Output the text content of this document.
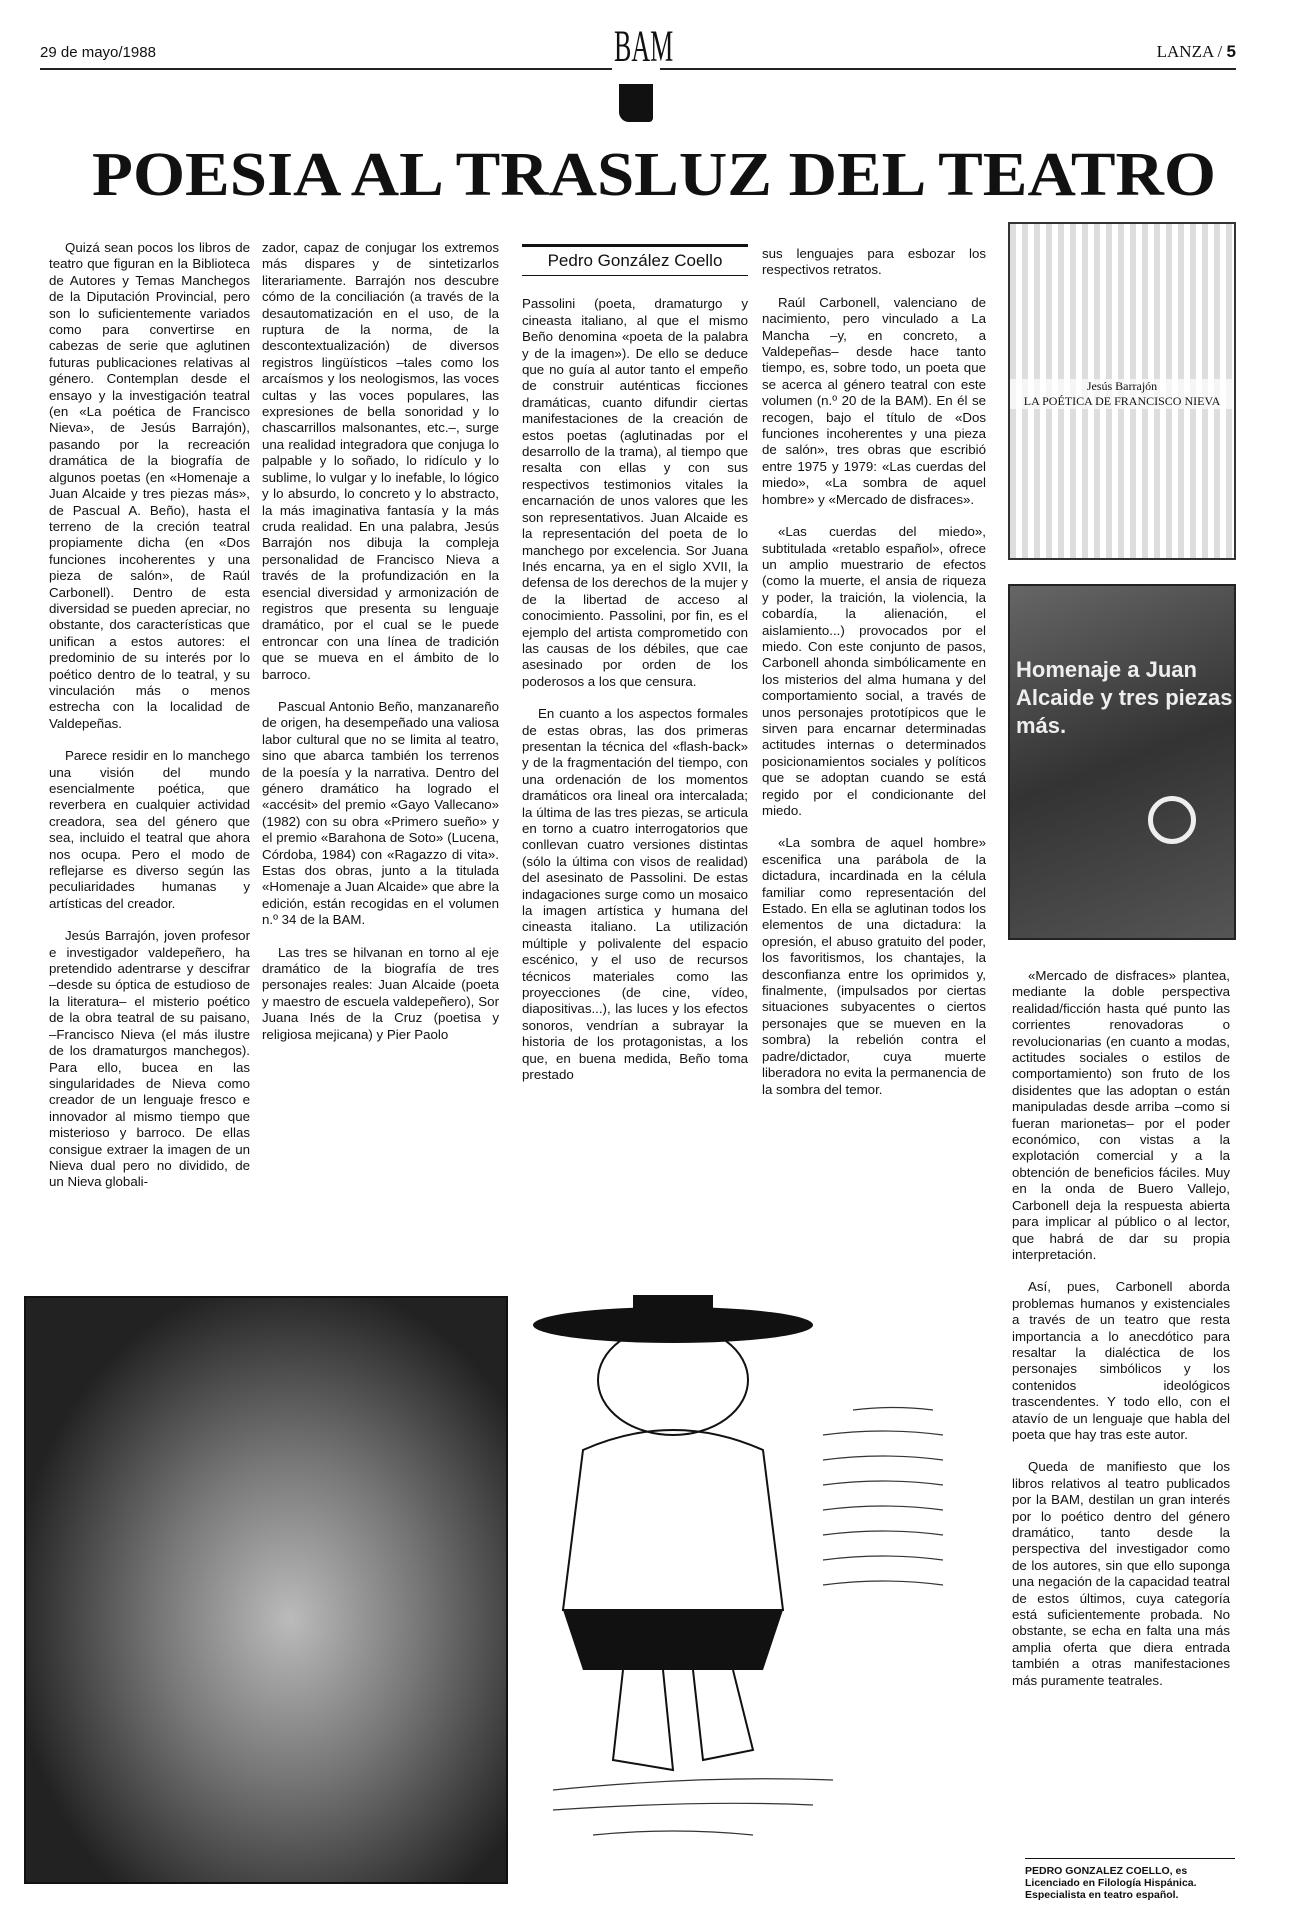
29 de mayo/1988	BAM	LANZA / 5
POESIA AL TRASLUZ DEL TEATRO

Quizá sean pocos los libros de teatro que figuran en la Biblioteca de Autores y Temas Manchegos de la Diputación Provincial, pero son lo suficientemente variados como para convertirse en cabezas de serie que aglutinen futuras publicaciones relativas al género. Contemplan desde el ensayo y la investigación teatral (en «La poética de Francisco Nieva», de Jesús Barrajón), pasando por la recreación dramática de la biografía de algunos poetas (en «Homenaje a Juan Alcaide y tres piezas más», de Pascual A. Beño), hasta el terreno de la creción teatral propiamente dicha (en «Dos funciones incoherentes y una pieza de salón», de Raúl Carbonell). Dentro de esta diversidad se pueden apreciar, no obstante, dos características que unifican a estos autores: el predominio de su interés por lo poético dentro de lo teatral, y su vinculación más o menos estrecha con la localidad de Valdepeñas.

Parece residir en lo manchego una visión del mundo esencialmente poética, que reverbera en cualquier actividad creadora, sea del género que sea, incluido el teatral que ahora nos ocupa. Pero el modo de reflejarse es diverso según las peculiaridades humanas y artísticas del creador.

Jesús Barrajón, joven profesor e investigador valdepeñero, ha pretendido adentrarse y descifrar –desde su óptica de estudioso de la literatura– el misterio poético de la obra teatral de su paisano, –Francisco Nieva (el más ilustre de los dramaturgos manchegos). Para ello, bucea en las singularidades de Nieva como creador de un lenguaje fresco e innovador al mismo tiempo que misterioso y barroco. De ellas consigue extraer la imagen de un Nieva dual pero no dividido, de un Nieva globali-

zador, capaz de conjugar los extremos más dispares y de sintetizarlos literariamente. Barrajón nos descubre cómo de la conciliación (a través de la desautomatización en el uso, de la ruptura de la norma, de la descontextualización) de diversos registros lingüísticos –tales como los arcaísmos y los neologismos, las voces cultas y las voces populares, las expresiones de bella sonoridad y lo chascarrillos malsonantes, etc.–, surge una realidad integradora que conjuga lo palpable y lo soñado, lo ridículo y lo sublime, lo vulgar y lo inefable, lo lógico y lo absurdo, lo concreto y lo abstracto, la más imaginativa fantasía y la más cruda realidad. En una palabra, Jesús Barrajón nos dibuja la compleja personalidad de Francisco Nieva a través de la profundización en la esencial diversidad y armonización de registros que presenta su lenguaje dramático, por el cual se le puede entroncar con una línea de tradición que se mueva en el ámbito de lo barroco.

Pascual Antonio Beño, manzanareño de origen, ha desempeñado una valiosa labor cultural que no se limita al teatro, sino que abarca también los terrenos de la poesía y la narrativa. Dentro del género dramático ha logrado el «accésit» del premio «Gayo Vallecano» (1982) con su obra «Primero sueño» y el premio «Barahona de Soto» (Lucena, Córdoba, 1984) con «Ragazzo di vita». Estas dos obras, junto a la titulada «Homenaje a Juan Alcaide» que abre la edición, están recogidas en el volumen n.º 34 de la BAM.

Las tres se hilvanan en torno al eje dramático de la biografía de tres personajes reales: Juan Alcaide (poeta y maestro de escuela valdepeñero), Sor Juana Inés de la Cruz (poetisa y religiosa mejicana) y Pier Paolo

Pedro González Coello

Passolini (poeta, dramaturgo y cineasta italiano, al que el mismo Beño denomina «poeta de la palabra y de la imagen»). De ello se deduce que no guía al autor tanto el empeño de construir auténticas ficciones dramáticas, cuanto difundir ciertas manifestaciones de la creación de estos poetas (aglutinadas por el desarrollo de la trama), al tiempo que resalta con ellas y con sus respectivos testimonios vitales la encarnación de unos valores que les son representativos. Juan Alcaide es la representación del poeta de lo manchego por excelencia. Sor Juana Inés encarna, ya en el siglo XVII, la defensa de los derechos de la mujer y de la libertad de acceso al conocimiento. Passolini, por fin, es el ejemplo del artista comprometido con las causas de los débiles, que cae asesinado por orden de los poderosos a los que censura.

En cuanto a los aspectos formales de estas obras, las dos primeras presentan la técnica del «flash-back» y de la fragmentación del tiempo, con una ordenación de los momentos dramáticos ora lineal ora intercalada; la última de las tres piezas, se articula en torno a cuatro interrogatorios que conllevan cuatro versiones distintas (sólo la última con visos de realidad) del asesinato de Passolini. De estas indagaciones surge como un mosaico la imagen artística y humana del cineasta italiano. La utilización múltiple y polivalente del espacio escénico, y el uso de recursos técnicos materiales como las proyecciones (de cine, vídeo, diapositivas...), las luces y los efectos sonoros, vendrían a subrayar la historia de los protagonistas, a los que, en buena medida, Beño toma prestado

sus lenguajes para esbozar los respectivos retratos.

Raúl Carbonell, valenciano de nacimiento, pero vinculado a La Mancha –y, en concreto, a Valdepeñas– desde hace tanto tiempo, es, sobre todo, un poeta que se acerca al género teatral con este volumen (n.º 20 de la BAM). En él se recogen, bajo el título de «Dos funciones incoherentes y una pieza de salón», tres obras que escribió entre 1975 y 1979: «Las cuerdas del miedo», «La sombra de aquel hombre» y «Mercado de disfraces».

«Las cuerdas del miedo», subtitulada «retablo español», ofrece un amplio muestrario de efectos (como la muerte, el ansia de riqueza y poder, la traición, la violencia, la cobardía, la alienación, el aislamiento...) provocados por el miedo. Con este conjunto de pasos, Carbonell ahonda simbólicamente en los misterios del alma humana y del comportamiento social, a través de unos personajes prototípicos que le sirven para encarnar determinadas actitudes internas o determinados posicionamientos sociales y políticos que se adoptan cuando se está regido por el condicionante del miedo.

«La sombra de aquel hombre» escenifica una parábola de la dictadura, incardinada en la célula familiar como representación del Estado. En ella se aglutinan todos los elementos de una dictadura: la opresión, el abuso gratuito del poder, los favoritismos, los chantajes, la desconfianza entre los oprimidos y, finalmente, (impulsados por ciertas situaciones subyacentes o ciertos personajes que se mueven en la sombra) la rebelión contra el padre/dictador, cuya muerte liberadora no evita la permanencia de la sombra del temor.

Jesús Barrajón
LA POÉTICA DE FRANCISCO NIEVA
Homenaje a Juan Alcaide y tres piezas más.

«Mercado de disfraces» plantea, mediante la doble perspectiva realidad/ficción hasta qué punto las corrientes renovadoras o revolucionarias (en cuanto a modas, actitudes sociales o estilos de comportamiento) son fruto de los disidentes que las adoptan o están manipuladas desde arriba –como si fueran marionetas– por el poder económico, con vistas a la explotación comercial y a la obtención de beneficios fáciles. Muy en la onda de Buero Vallejo, Carbonell deja la respuesta abierta para implicar al público o al lector, que habrá de dar su propia interpretación.

Así, pues, Carbonell aborda problemas humanos y existenciales a través de un teatro que resta importancia a lo anecdótico para resaltar la dialéctica de los personajes simbólicos y los contenidos ideológicos trascendentes. Y todo ello, con el atavío de un lenguaje que habla del poeta que hay tras este autor.

Queda de manifiesto que los libros relativos al teatro publicados por la BAM, destilan un gran interés por lo poético dentro del género dramático, tanto desde la perspectiva del investigador como de los autores, sin que ello suponga una negación de la capacidad teatral de estos últimos, cuya categoría está suficientemente probada. No obstante, se echa en falta una más amplia oferta que diera entrada también a otras manifestaciones más puramente teatrales.

PEDRO GONZALEZ COELLO, es Licenciado en Filología Hispánica. Especialista en teatro español.
